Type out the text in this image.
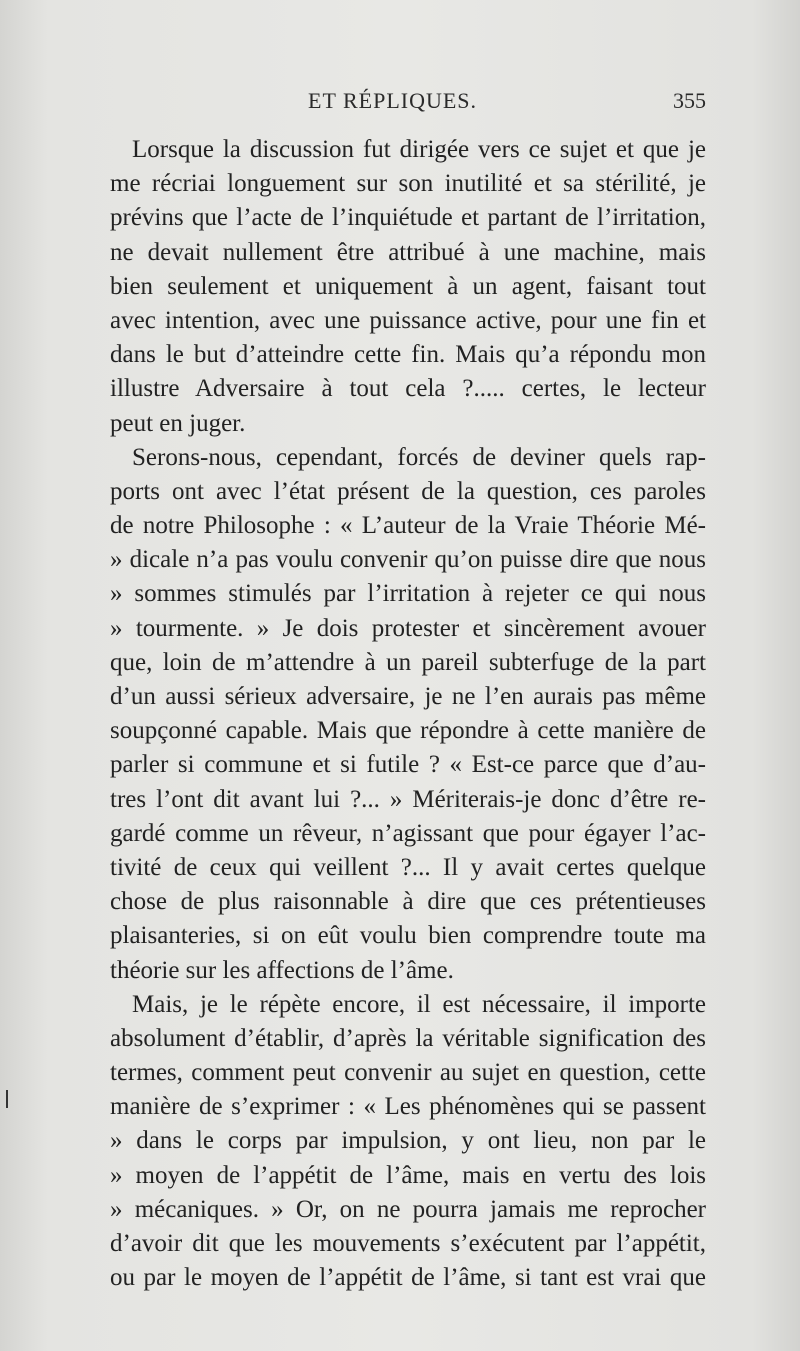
ET RÉPLIQUES.	355
Lorsque la discussion fut dirigée vers ce sujet et que je
me récriai longuement sur son inutilité et sa stérilité, je
prévins que l’acte de l’inquiétude et partant de l’irritation,
ne devait nullement être attribué à une machine, mais
bien seulement et uniquement à un agent, faisant tout
avec intention, avec une puissance active, pour une fin et
dans le but d’atteindre cette fin. Mais qu’a répondu mon
illustre Adversaire à tout cela ?..... certes, le lecteur
peut en juger.
Serons-nous, cependant, forcés de deviner quels rap-
ports ont avec l’état présent de la question, ces paroles
de notre Philosophe : « L’auteur de la Vraie Théorie Mé-
» dicale n’a pas voulu convenir qu’on puisse dire que nous
» sommes stimulés par l’irritation à rejeter ce qui nous
» tourmente. » Je dois protester et sincèrement avouer
que, loin de m’attendre à un pareil subterfuge de la part
d’un aussi sérieux adversaire, je ne l’en aurais pas même
soupçonné capable. Mais que répondre à cette manière de
parler si commune et si futile ? « Est-ce parce que d’au-
tres l’ont dit avant lui ?... » Mériterais-je donc d’être re-
gardé comme un rêveur, n’agissant que pour égayer l’ac-
tivité de ceux qui veillent ?... Il y avait certes quelque
chose de plus raisonnable à dire que ces prétentieuses
plaisanteries, si on eût voulu bien comprendre toute ma
théorie sur les affections de l’âme.
Mais, je le répète encore, il est nécessaire, il importe
absolument d’établir, d’après la véritable signification des
termes, comment peut convenir au sujet en question, cette
manière de s’exprimer : « Les phénomènes qui se passent
» dans le corps par impulsion, y ont lieu, non par le
» moyen de l’appétit de l’âme, mais en vertu des lois
» mécaniques. » Or, on ne pourra jamais me reprocher
d’avoir dit que les mouvements s’exécutent par l’appétit,
ou par le moyen de l’appétit de l’âme, si tant est vrai que
